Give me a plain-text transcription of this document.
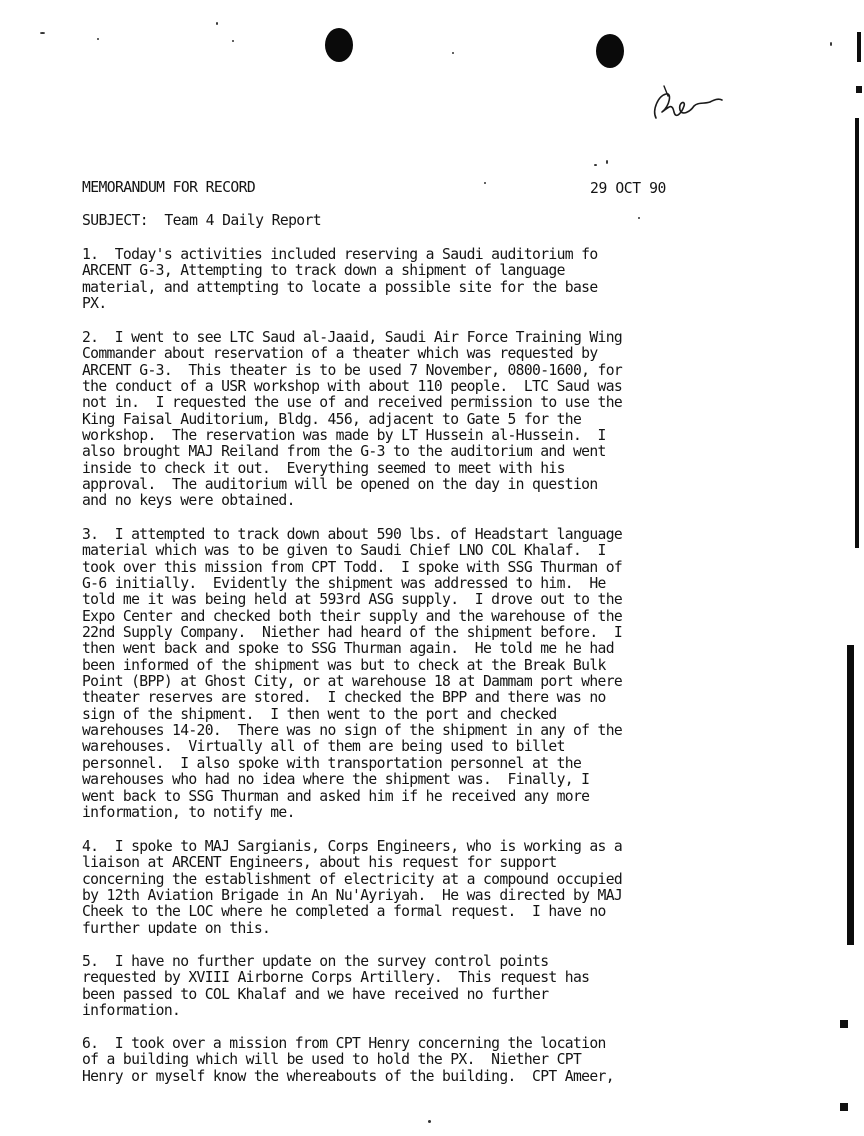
MEMORANDUM FOR RECORD	29 OCT 90
SUBJECT:  Team 4 Daily Report
1.  Today's activities included reserving a Saudi auditorium fo
ARCENT G-3, Attempting to track down a shipment of language
material, and attempting to locate a possible site for the base
PX.
2.  I went to see LTC Saud al-Jaaid, Saudi Air Force Training Wing
Commander about reservation of a theater which was requested by
ARCENT G-3.  This theater is to be used 7 November, 0800-1600, for
the conduct of a USR workshop with about 110 people.  LTC Saud was
not in.  I requested the use of and received permission to use the
King Faisal Auditorium, Bldg. 456, adjacent to Gate 5 for the
workshop.  The reservation was made by LT Hussein al-Hussein.  I
also brought MAJ Reiland from the G-3 to the auditorium and went
inside to check it out.  Everything seemed to meet with his
approval.  The auditorium will be opened on the day in question
and no keys were obtained.
3.  I attempted to track down about 590 lbs. of Headstart language
material which was to be given to Saudi Chief LNO COL Khalaf.  I
took over this mission from CPT Todd.  I spoke with SSG Thurman of
G-6 initially.  Evidently the shipment was addressed to him.  He
told me it was being held at 593rd ASG supply.  I drove out to the
Expo Center and checked both their supply and the warehouse of the
22nd Supply Company.  Niether had heard of the shipment before.  I
then went back and spoke to SSG Thurman again.  He told me he had
been informed of the shipment was but to check at the Break Bulk
Point (BPP) at Ghost City, or at warehouse 18 at Dammam port where
theater reserves are stored.  I checked the BPP and there was no
sign of the shipment.  I then went to the port and checked
warehouses 14-20.  There was no sign of the shipment in any of the
warehouses.  Virtually all of them are being used to billet
personnel.  I also spoke with transportation personnel at the
warehouses who had no idea where the shipment was.  Finally, I
went back to SSG Thurman and asked him if he received any more
information, to notify me.
4.  I spoke to MAJ Sargianis, Corps Engineers, who is working as a
liaison at ARCENT Engineers, about his request for support
concerning the establishment of electricity at a compound occupied
by 12th Aviation Brigade in An Nu'Ayriyah.  He was directed by MAJ
Cheek to the LOC where he completed a formal request.  I have no
further update on this.
5.  I have no further update on the survey control points
requested by XVIII Airborne Corps Artillery.  This request has
been passed to COL Khalaf and we have received no further
information.
6.  I took over a mission from CPT Henry concerning the location
of a building which will be used to hold the PX.  Niether CPT
Henry or myself know the whereabouts of the building.  CPT Ameer,
